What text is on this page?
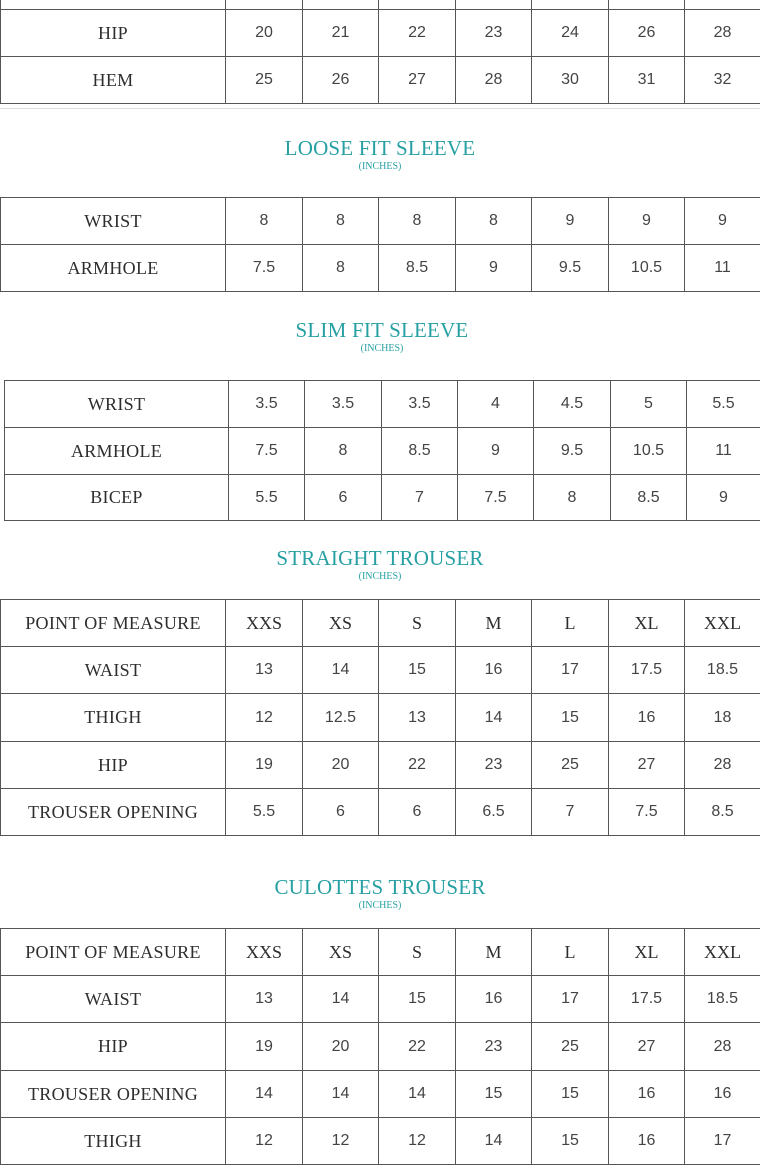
HIP	20	21	22	23	24	26	28
HEM	25	26	27	28	30	31	32
LOOSE FIT SLEEVE
(INCHES)
WRIST	8	8	8	8	9	9	9
ARMHOLE	7.5	8	8.5	9	9.5	10.5	11
SLIM FIT SLEEVE
(INCHES)
WRIST	3.5	3.5	3.5	4	4.5	5	5.5
ARMHOLE	7.5	8	8.5	9	9.5	10.5	11
BICEP	5.5	6	7	7.5	8	8.5	9
STRAIGHT TROUSER
(INCHES)
POINT OF MEASURE	XXS	XS	S	M	L	XL	XXL
WAIST	13	14	15	16	17	17.5	18.5
THIGH	12	12.5	13	14	15	16	18
HIP	19	20	22	23	25	27	28
TROUSER OPENING	5.5	6	6	6.5	7	7.5	8.5
CULOTTES TROUSER
(INCHES)
POINT OF MEASURE	XXS	XS	S	M	L	XL	XXL
WAIST	13	14	15	16	17	17.5	18.5
HIP	19	20	22	23	25	27	28
TROUSER OPENING	14	14	14	15	15	16	16
THIGH	12	12	12	14	15	16	17
